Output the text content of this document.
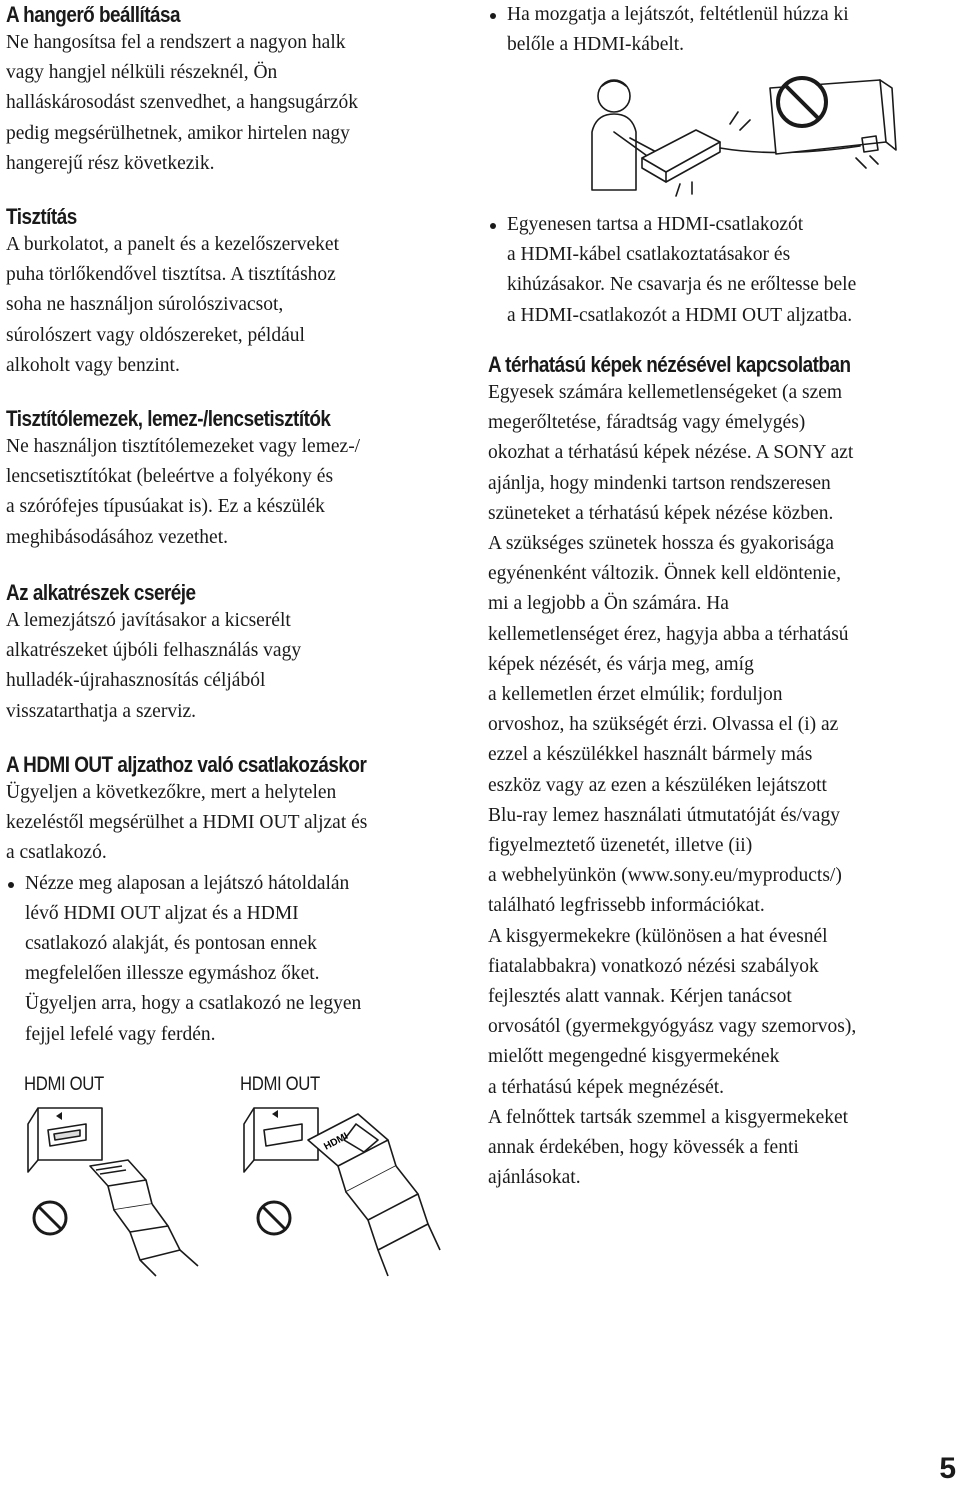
A hangerő beállítása

Ne hangosítsa fel a rendszert a nagyon halk
vagy hangjel nélküli részeknél, Ön
halláskárosodást szenvedhet, a hangsugárzók
pedig megsérülhetnek, amikor hirtelen nagy
hangerejű rész következik.

Tisztítás

A burkolatot, a panelt és a kezelőszerveket
puha törlőkendővel tisztítsa. A tisztításhoz
soha ne használjon súrolószivacsot,
súrolószert vagy oldószereket, például
alkoholt vagy benzint.

Tisztítólemezek, lemez-/lencsetisztítók

Ne használjon tisztítólemezeket vagy lemez-/
lencsetisztítókat (beleértve a folyékony és
a szórófejes típusúakat is). Ez a készülék
meghibásodásához vezethet.

Az alkatrészek cseréje

A lemezjátszó javításakor a kicserélt
alkatrészeket újbóli felhasználás vagy
hulladék-újrahasznosítás céljából
visszatarthatja a szerviz.

A HDMI OUT aljzathoz való csatlakozáskor

Ügyeljen a következőkre, mert a helytelen
kezeléstől megsérülhet a HDMI OUT aljzat és
a csatlakozó.

Nézze meg alaposan a lejátszó hátoldalán
lévő HDMI OUT aljzat és a HDMI
csatlakozó alakját, és pontosan ennek
megfelelően illessze egymáshoz őket.
Ügyeljen arra, hogy a csatlakozó ne legyen
fejjel lefelé vagy ferdén.

HDMI OUT	HDMI OUT
HDMI

Ha mozgatja a lejátszót, feltétlenül húzza ki
belőle a HDMI-kábelt.

Egyenesen tartsa a HDMI-csatlakozót
a HDMI-kábel csatlakoztatásakor és
kihúzásakor. Ne csavarja és ne erőltesse bele
a HDMI-csatlakozót a HDMI OUT aljzatba.

A térhatású képek nézésével kapcsolatban

Egyesek számára kellemetlenségeket (a szem
megerőltetése, fáradtság vagy émelygés)
okozhat a térhatású képek nézése. A SONY azt
ajánlja, hogy mindenki tartson rendszeresen
szüneteket a térhatású képek nézése közben.
A szükséges szünetek hossza és gyakorisága
egyénenként változik. Önnek kell eldöntenie,
mi a legjobb a Ön számára. Ha
kellemetlenséget érez, hagyja abba a térhatású
képek nézését, és várja meg, amíg
a kellemetlen érzet elmúlik; forduljon
orvoshoz, ha szükségét érzi. Olvassa el (i) az
ezzel a készülékkel használt bármely más
eszköz vagy az ezen a készüléken lejátszott
Blu-ray lemez használati útmutatóját és/vagy
figyelmeztető üzenetét, illetve (ii)
a webhelyünkön (www.sony.eu/myproducts/)
található legfrissebb információkat.
A kisgyermekekre (különösen a hat évesnél
fiatalabbakra) vonatkozó nézési szabályok
fejlesztés alatt vannak. Kérjen tanácsot
orvosától (gyermekgyógyász vagy szemorvos),
mielőtt megengedné kisgyermekének
a térhatású képek megnézését.
A felnőttek tartsák szemmel a kisgyermekeket
annak érdekében, hogy kövessék a fenti
ajánlásokat.

5
